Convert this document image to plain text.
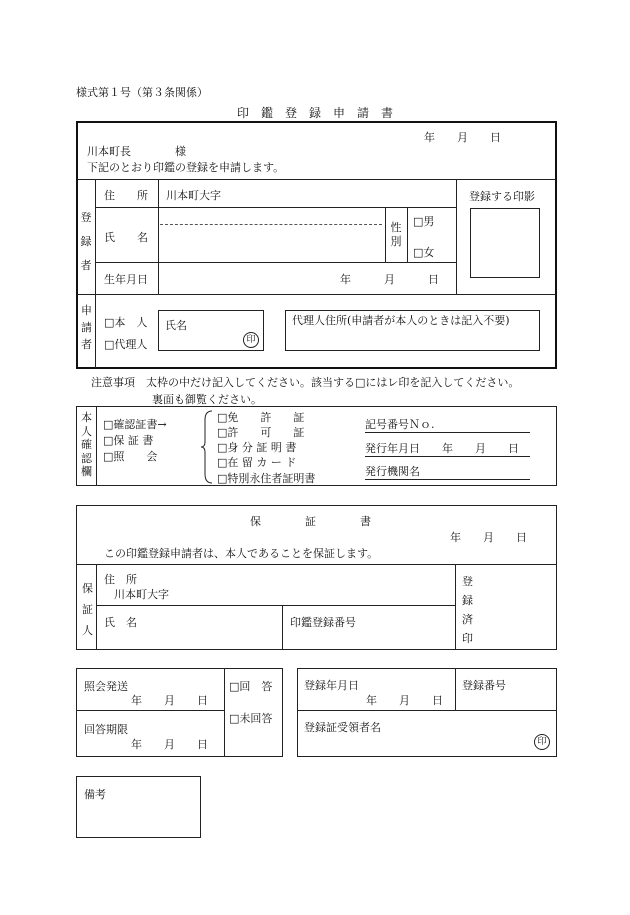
様式第１号（第３条関係）
印　鑑　登　録　申　請　書
年　　月　　日
川本町長　　　　様
下記のとおり印鑑の登録を申請します。
登録者
住　　所 川本町大字
氏　　名
性別
□男
□女
生年月日	年　　　月　　　日
登録する印影
申請者
□本　人
□代理人
氏名
印
代理人住所(申請者が本人のときは記入不要)
注意事項　太枠の中だけ記入してください。該当する□にはレ印を記入してください。
裏面も御覧ください。
本人確認欄
□確認証書→
□保 証 書
□照　　会
□免　　許　　証
□許　　可　　証
□身 分 証 明 書
□在 留 カ ー ド
□特別永住者証明書
記号番号Ｎｏ.
発行年月日　　年　　月　　日
発行機関名
保　　　　証　　　　書
年　　月　　日
この印鑑登録申請者は、本人であることを保証します。
保証人
住　所
川本町大字
氏　名	印鑑登録番号
登録済印
照会発送
年　　月　　日
回答期限
年　　月　　日
□回　答
□未回答
登録年月日
年　　月　　日
登録番号
登録証受領者名
印
備考
